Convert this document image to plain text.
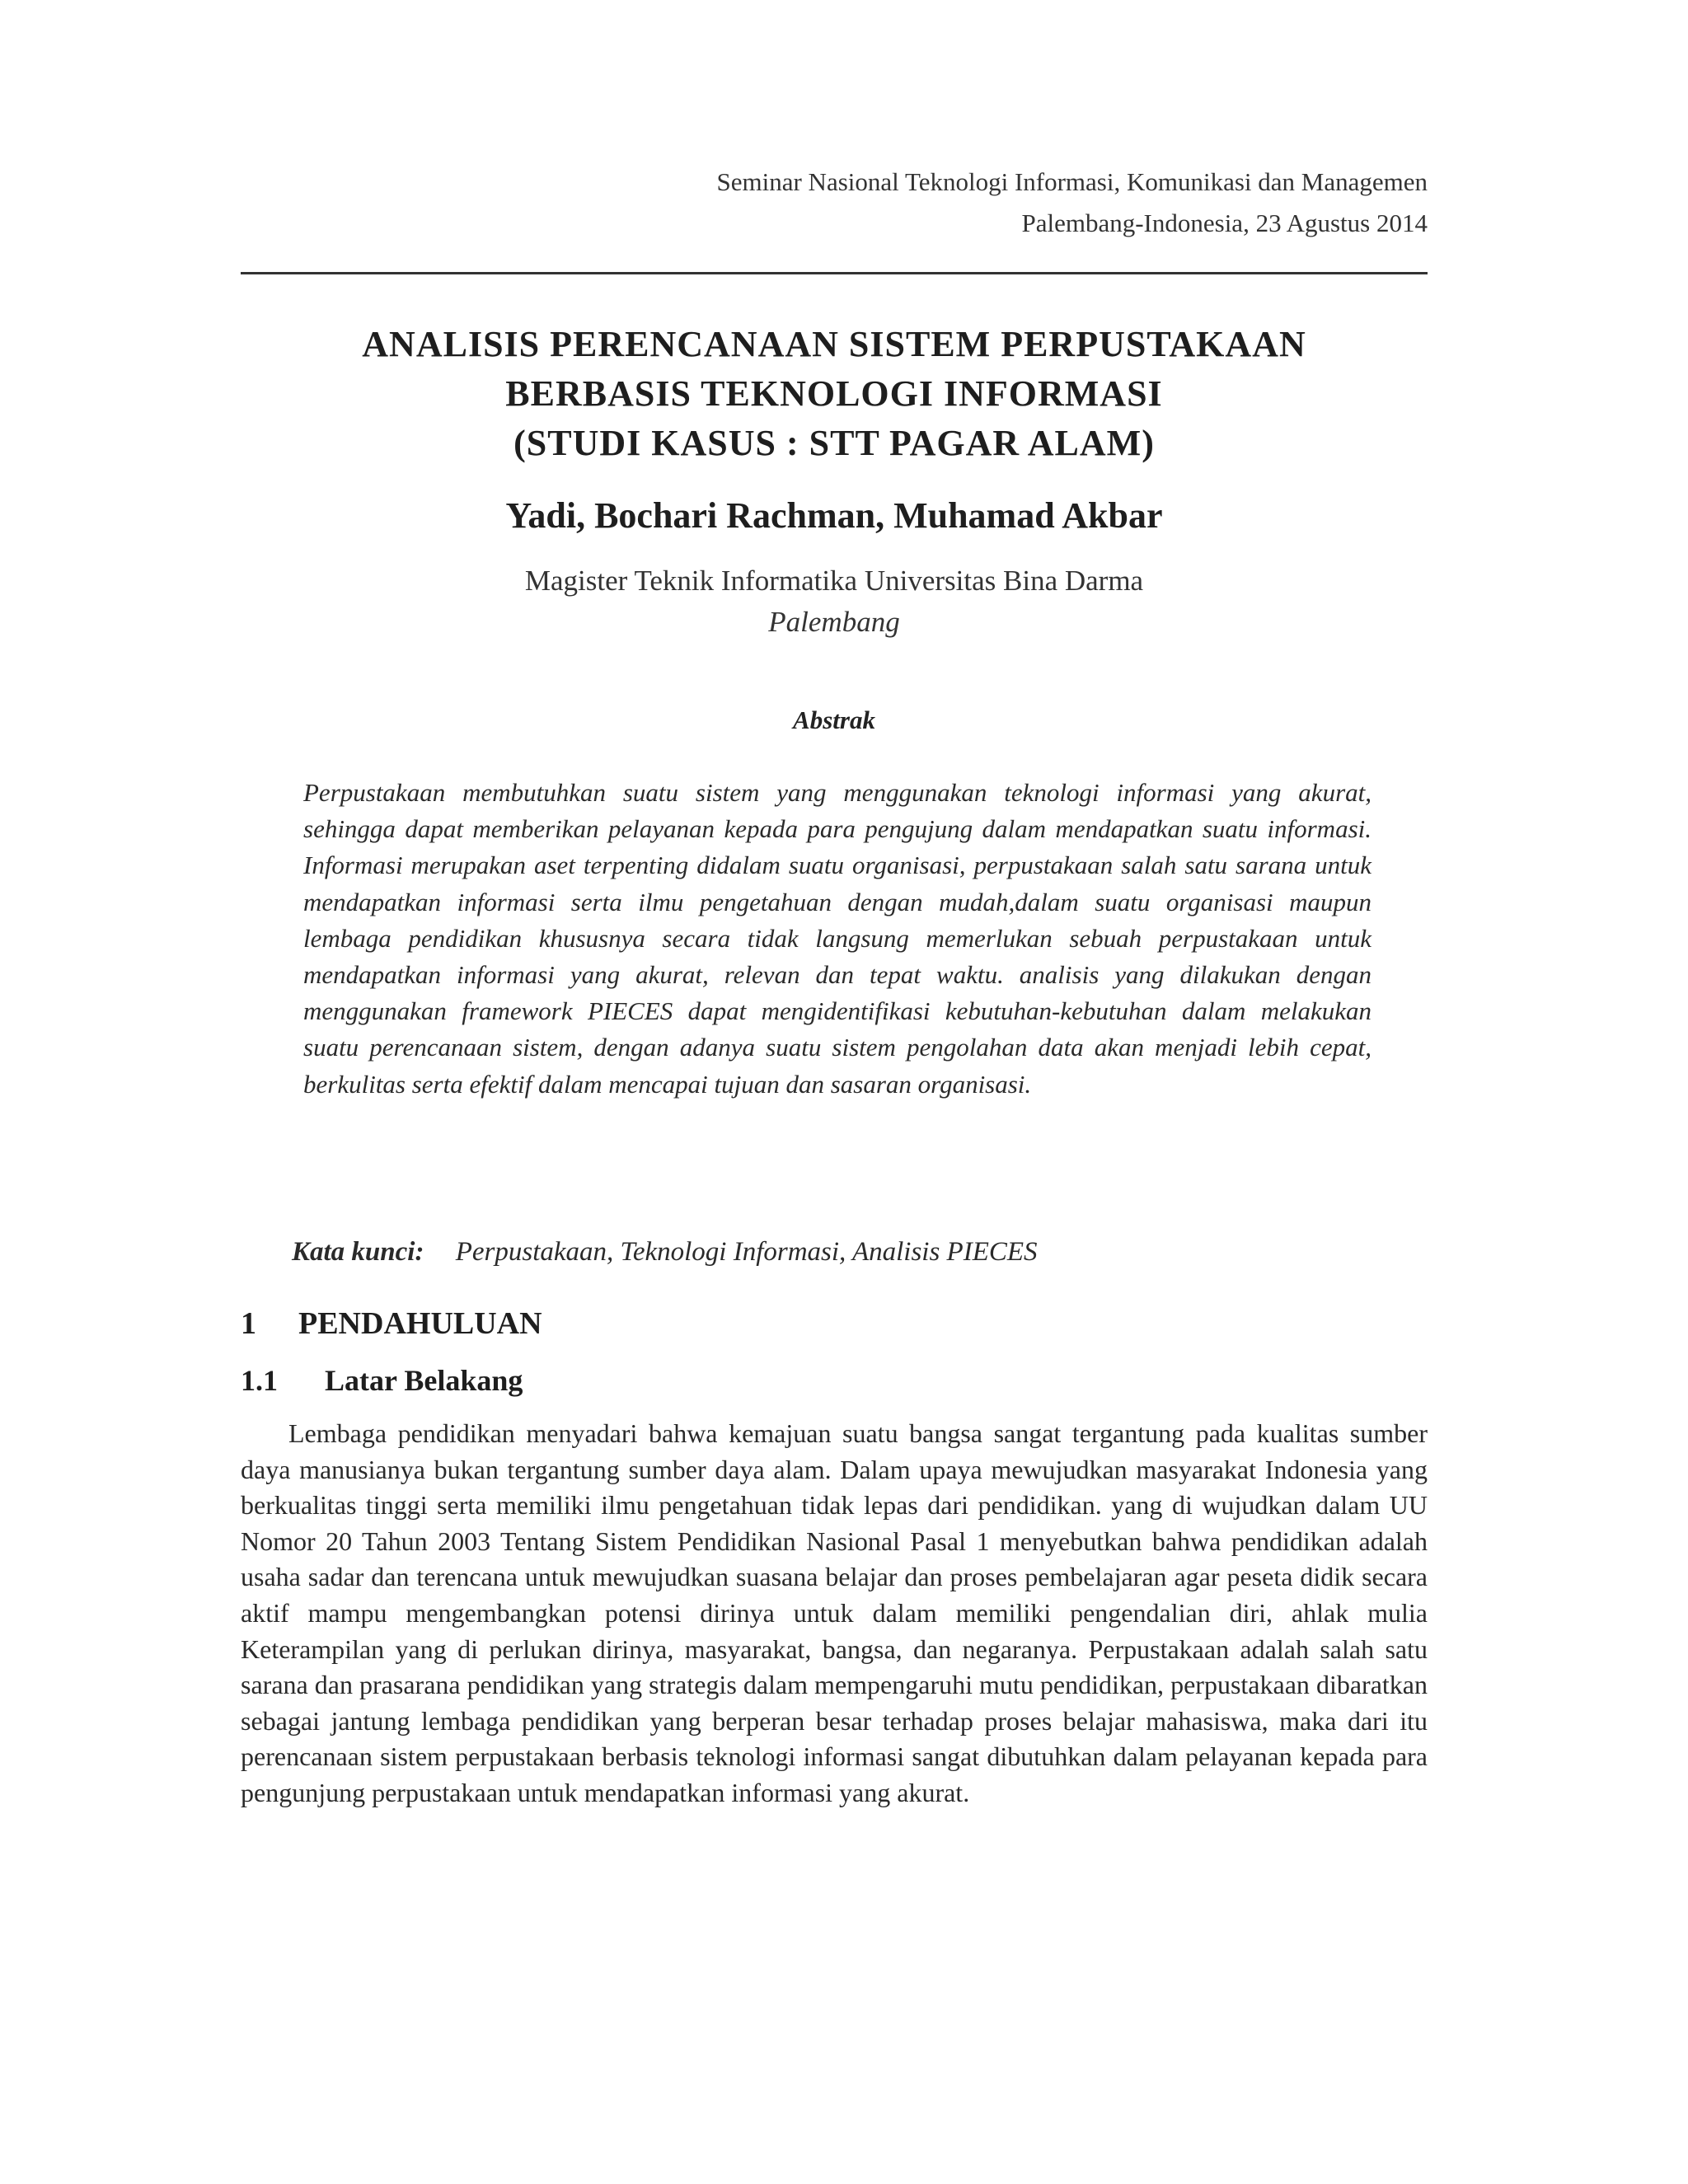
Seminar Nasional Teknologi Informasi, Komunikasi dan Managemen
Palembang-Indonesia, 23 Agustus 2014
ANALISIS PERENCANAAN SISTEM PERPUSTAKAAN
BERBASIS TEKNOLOGI INFORMASI
(STUDI KASUS : STT PAGAR ALAM)
Yadi, Bochari Rachman, Muhamad Akbar
Magister Teknik Informatika Universitas Bina Darma
Palembang
Abstrak
Perpustakaan membutuhkan suatu sistem yang menggunakan teknologi informasi yang akurat, sehingga dapat memberikan pelayanan kepada para pengujung dalam mendapatkan suatu informasi. Informasi merupakan aset terpenting didalam suatu organisasi, perpustakaan salah satu sarana untuk mendapatkan informasi serta ilmu pengetahuan dengan mudah,dalam suatu organisasi maupun lembaga pendidikan khususnya secara tidak langsung memerlukan sebuah perpustakaan untuk mendapatkan informasi yang akurat, relevan dan tepat waktu. analisis yang dilakukan dengan menggunakan framework PIECES dapat mengidentifikasi kebutuhan-kebutuhan dalam melakukan suatu perencanaan sistem, dengan adanya suatu sistem pengolahan data akan menjadi lebih cepat, berkulitas serta efektif dalam mencapai tujuan dan sasaran organisasi.
Kata kunci: Perpustakaan, Teknologi Informasi, Analisis PIECES
1 PENDAHULUAN
1.1 Latar Belakang
Lembaga pendidikan menyadari bahwa kemajuan suatu bangsa sangat tergantung pada kualitas sumber daya manusianya bukan tergantung sumber daya alam. Dalam upaya mewujudkan masyarakat Indonesia yang berkualitas tinggi serta memiliki ilmu pengetahuan tidak lepas dari pendidikan. yang di wujudkan dalam UU Nomor 20 Tahun 2003 Tentang Sistem Pendidikan Nasional Pasal 1 menyebutkan bahwa pendidikan adalah usaha sadar dan terencana untuk mewujudkan suasana belajar dan proses pembelajaran agar peseta didik secara aktif mampu mengembangkan potensi dirinya untuk dalam memiliki pengendalian diri, ahlak mulia Keterampilan yang di perlukan dirinya, masyarakat, bangsa, dan negaranya. Perpustakaan adalah salah satu sarana dan prasarana pendidikan yang strategis dalam mempengaruhi mutu pendidikan, perpustakaan dibaratkan sebagai jantung lembaga pendidikan yang berperan besar terhadap proses belajar mahasiswa, maka dari itu perencanaan sistem perpustakaan berbasis teknologi informasi sangat dibutuhkan dalam pelayanan kepada para pengunjung perpustakaan untuk mendapatkan informasi yang akurat.
